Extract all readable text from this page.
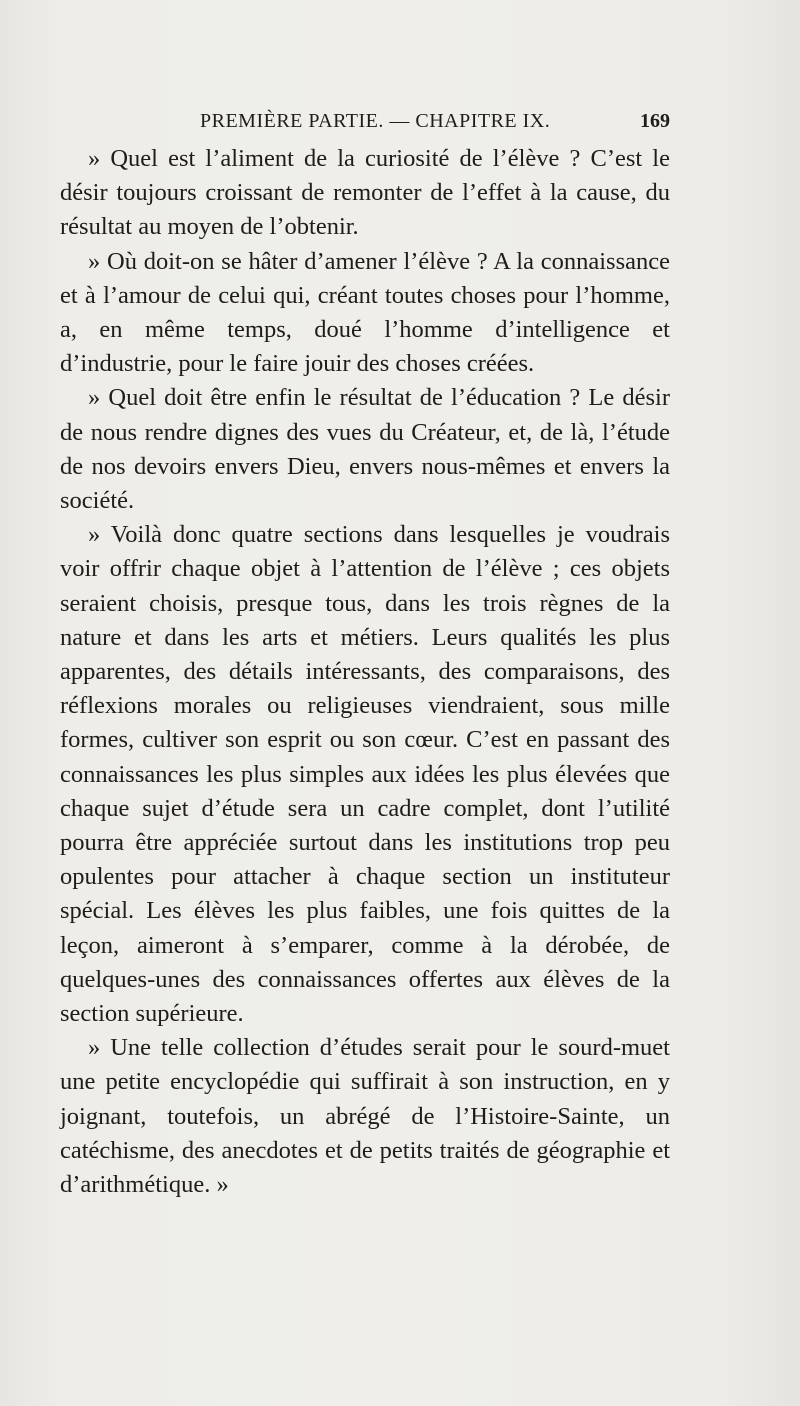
PREMIÈRE PARTIE. — CHAPITRE IX.	169

» Quel est l’aliment de la curiosité de l’élève ? C’est le désir toujours croissant de remonter de l’effet à la cause, du résultat au moyen de l’obtenir.

» Où doit-on se hâter d’amener l’élève ? A la connaissance et à l’amour de celui qui, créant toutes choses pour l’homme, a, en même temps, doué l’homme d’intelligence et d’industrie, pour le faire jouir des choses créées.

» Quel doit être enfin le résultat de l’éducation ? Le désir de nous rendre dignes des vues du Créateur, et, de là, l’étude de nos devoirs envers Dieu, envers nous-mêmes et envers la société.

» Voilà donc quatre sections dans lesquelles je voudrais voir offrir chaque objet à l’attention de l’élève ; ces objets seraient choisis, presque tous, dans les trois règnes de la nature et dans les arts et métiers. Leurs qualités les plus apparentes, des détails intéressants, des comparaisons, des réflexions morales ou religieuses viendraient, sous mille formes, cultiver son esprit ou son cœur. C’est en passant des connaissances les plus simples aux idées les plus élevées que chaque sujet d’étude sera un cadre complet, dont l’utilité pourra être appréciée surtout dans les institutions trop peu opulentes pour attacher à chaque section un instituteur spécial. Les élèves les plus faibles, une fois quittes de la leçon, aimeront à s’emparer, comme à la dérobée, de quelques-unes des connaissances offertes aux élèves de la section supérieure.

» Une telle collection d’études serait pour le sourd-muet une petite encyclopédie qui suffirait à son instruction, en y joignant, toutefois, un abrégé de l’Histoire-Sainte, un catéchisme, des anecdotes et de petits traités de géographie et d’arithmétique. »
